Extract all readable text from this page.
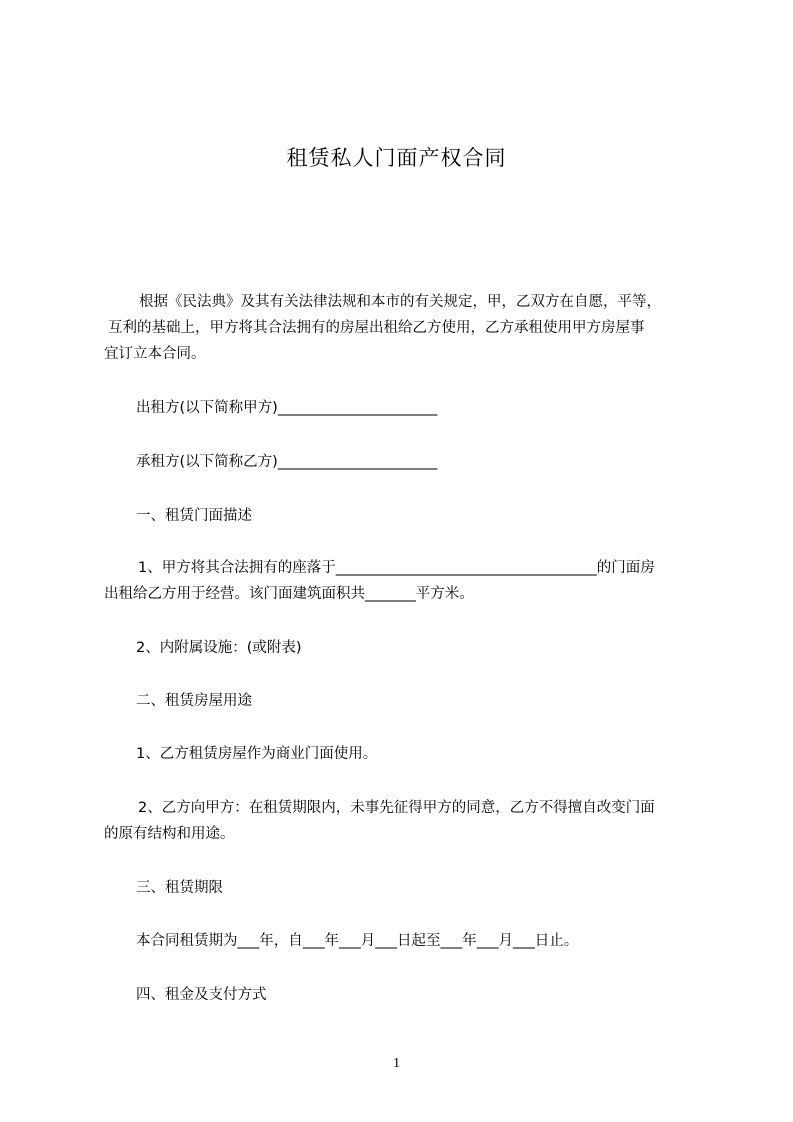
租赁私人门面产权合同
根据《民法典》及其有关法律法规和本市的有关规定，甲，乙双方在自愿，平等，
互利的基础上，甲方将其合法拥有的房屋出租给乙方使用，乙方承租使用甲方房屋事
宜订立本合同。
出租方(以下简称甲方)______________________
承租方(以下简称乙方)______________________
一、租赁门面描述
1、甲方将其合法拥有的座落于____________________________________的门面房
出租给乙方用于经营。该门面建筑面积共_______平方米。
2、内附属设施：(或附表)
二、租赁房屋用途
1、乙方租赁房屋作为商业门面使用。
2、乙方向甲方：在租赁期限内，未事先征得甲方的同意，乙方不得擅自改变门面
的原有结构和用途。
三、租赁期限
本合同租赁期为___年，自___年___月___日起至___年___月___日止。
四、租金及支付方式
1
